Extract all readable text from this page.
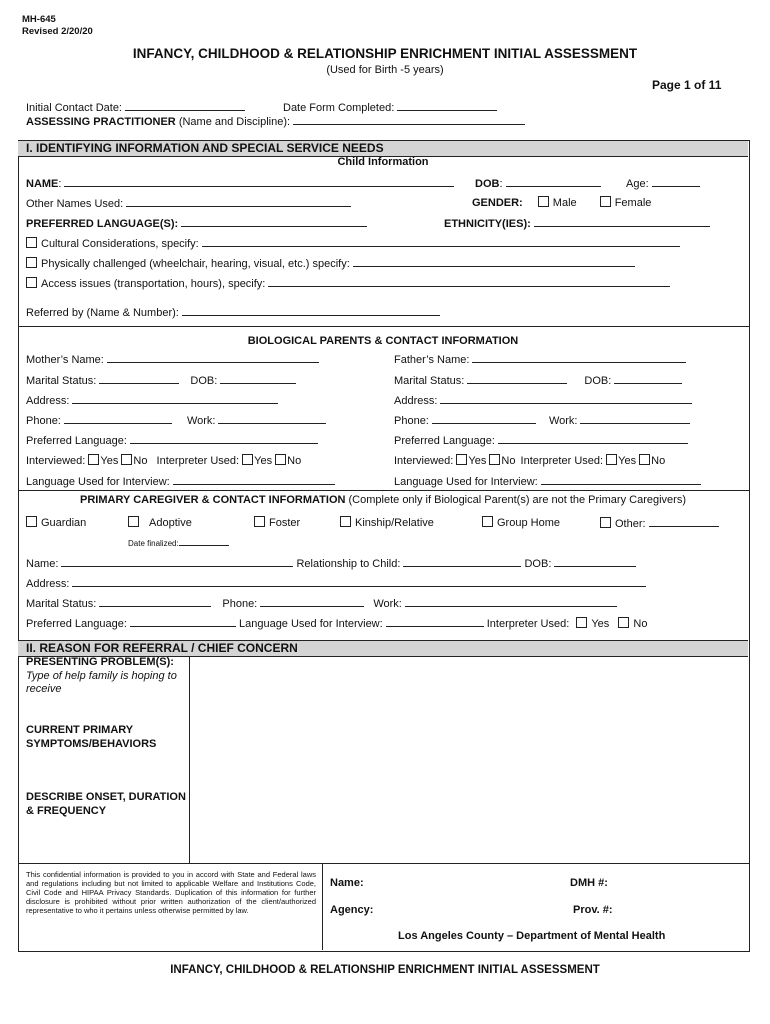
MH-645
Revised 2/20/20
INFANCY, CHILDHOOD & RELATIONSHIP ENRICHMENT INITIAL ASSESSMENT
(Used for Birth -5 years)
Page 1 of 11
Initial Contact Date:	Date Form Completed:
ASSESSING PRACTITIONER (Name and Discipline):
I. IDENTIFYING INFORMATION AND SPECIAL SERVICE NEEDS
Child Information
NAME:	DOB:	Age:
Other Names Used:	GENDER:	Male	Female
PREFERRED LANGUAGE(S):	ETHNICITY(IES):
Cultural Considerations, specify:
Physically challenged (wheelchair, hearing, visual, etc.) specify:
Access issues (transportation, hours), specify:
Referred by (Name & Number):
BIOLOGICAL PARENTS & CONTACT INFORMATION
Mother’s Name:	Father’s Name:
Marital Status:	DOB:	Marital Status:	DOB:
Address:	Address:
Phone:	Work:	Phone:	Work:
Preferred Language:	Preferred Language:
Interviewed: Yes No Interpreter Used: Yes No	Interviewed: Yes No Interpreter Used: Yes No
Language Used for Interview:	Language Used for Interview:
PRIMARY CAREGIVER & CONTACT INFORMATION (Complete only if Biological Parent(s) are not the Primary Caregivers)
Guardian	Adoptive	Foster	Kinship/Relative	Group Home	Other:
Date finalized:
Name:	Relationship to Child:	DOB:
Address:
Marital Status:	Phone:	Work:
Preferred Language:	Language Used for Interview:	Interpreter Used: Yes No
II. REASON FOR REFERRAL / CHIEF CONCERN
PRESENTING PROBLEM(S):
Type of help family is hoping to receive
CURRENT PRIMARY SYMPTOMS/BEHAVIORS
DESCRIBE ONSET, DURATION & FREQUENCY
This confidential information is provided to you in accord with State and Federal laws and regulations including but not limited to applicable Welfare and Institutions Code, Civil Code and HIPAA Privacy Standards. Duplication of this information for further disclosure is prohibited without prior written authorization of the client/authorized representative to who it pertains unless otherwise permitted by law.
Name:	DMH #:
Agency:	Prov. #:
Los Angeles County – Department of Mental Health
INFANCY, CHILDHOOD & RELATIONSHIP ENRICHMENT INITIAL ASSESSMENT
